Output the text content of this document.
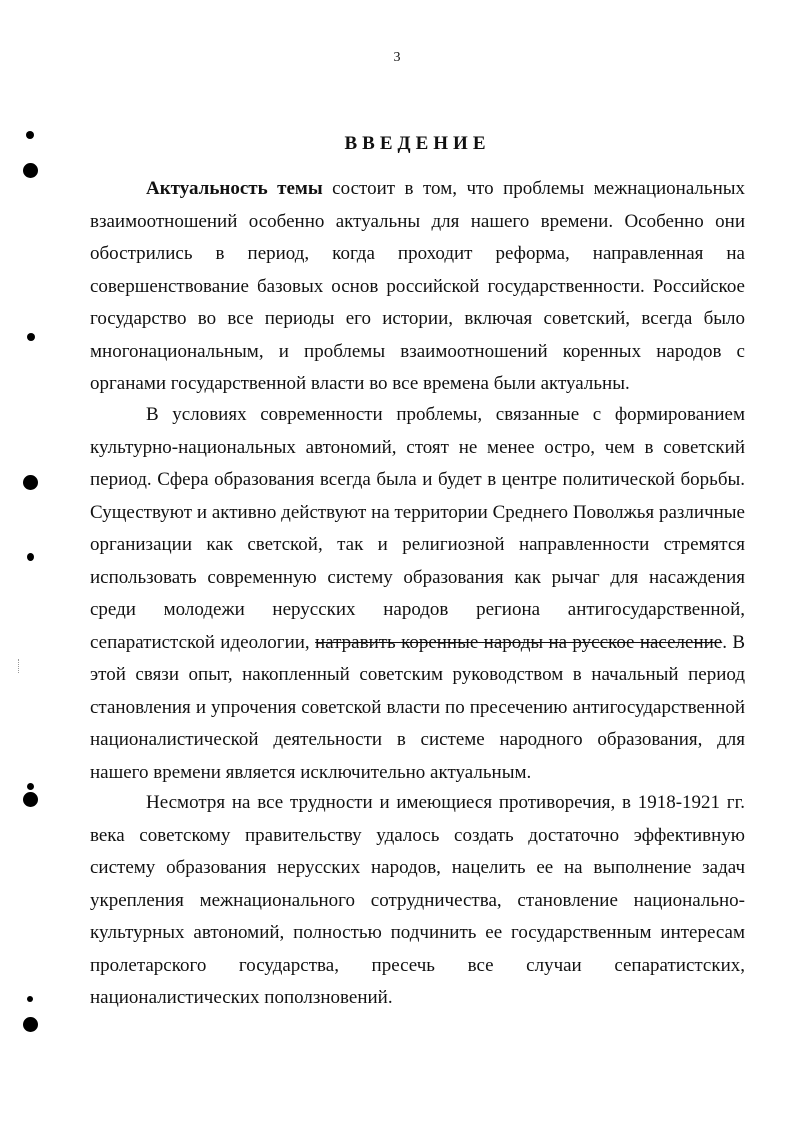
3
ВВЕДЕНИЕ

Актуальность темы состоит в том, что проблемы межнациональных взаимоотношений особенно актуальны для нашего времени. Особенно они обострились в период, когда проходит реформа, направленная на совершенствование базовых основ российской государственности. Российское государство во все периоды его истории, включая советский, всегда было многонациональным, и проблемы взаимоотношений коренных народов с органами государственной власти во все времена были актуальны.

В условиях современности проблемы, связанные с формированием культурно-национальных автономий, стоят не менее остро, чем в советский период. Сфера образования всегда была и будет в центре политической борьбы. Существуют и активно действуют на территории Среднего Поволжья различные организации как светской, так и религиозной направленности стремятся использовать современную систему образования как рычаг для насаждения среди молодежи нерусских народов региона антигосударственной, сепаратистской идеологии, натравить коренные народы на русское население. В этой связи опыт, накопленный советским руководством в начальный период становления и упрочения советской власти по пресечению антигосударственной националистической деятельности в системе народного образования, для нашего времени является исключительно актуальным.

Несмотря на все трудности и имеющиеся противоречия, в 1918-1921 гг. века советскому правительству удалось создать достаточно эффективную систему образования нерусских народов, нацелить ее на выполнение задач укрепления межнационального сотрудничества, становление национально-культурных автономий, полностью подчинить ее государственным интересам пролетарского государства, пресечь все случаи сепаратистских, националистических поползновений.
